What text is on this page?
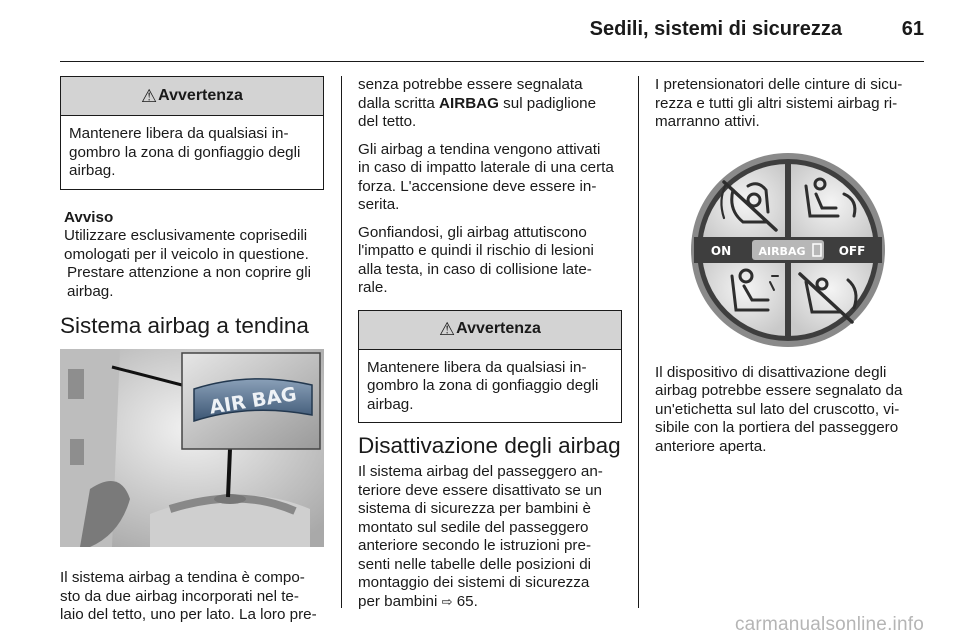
Sedili, sistemi di sicurezza	61
⚠ Avvertenza
Mantenere libera da qualsiasi in-
gombro la zona di gonfiaggio degli
airbag.
Avviso
Utilizzare esclusivamente coprisedili
omologati per il veicolo in questione.
Prestare attenzione a non coprire gli
airbag.
Sistema airbag a tendina
AIR BAG
Il sistema airbag a tendina è compo-
sto da due airbag incorporati nel te-
laio del tetto, uno per lato. La loro pre-

senza potrebbe essere segnalata
dalla scritta AIRBAG sul padiglione
del tetto.

Gli airbag a tendina vengono attivati
in caso di impatto laterale di una certa
forza. L'accensione deve essere in-
serita.

Gonfiandosi, gli airbag attutiscono
l'impatto e quindi il rischio di lesioni
alla testa, in caso di collisione late-
rale.

⚠ Avvertenza
Mantenere libera da qualsiasi in-
gombro la zona di gonfiaggio degli
airbag.
Disattivazione degli airbag
Il sistema airbag del passeggero an-
teriore deve essere disattivato se un
sistema di sicurezza per bambini è
montato sul sedile del passeggero
anteriore secondo le istruzioni pre-
senti nelle tabelle delle posizioni di
montaggio dei sistemi di sicurezza
per bambini ⇨ 65.
I pretensionatori delle cinture di sicu-
rezza e tutti gli altri sistemi airbag ri-
marranno attivi.
ON AIRBAG	OFF
Il dispositivo di disattivazione degli
airbag potrebbe essere segnalato da
un'etichetta sul lato del cruscotto, vi-
sibile con la portiera del passeggero
anteriore aperta.
carmanualsonline.info
